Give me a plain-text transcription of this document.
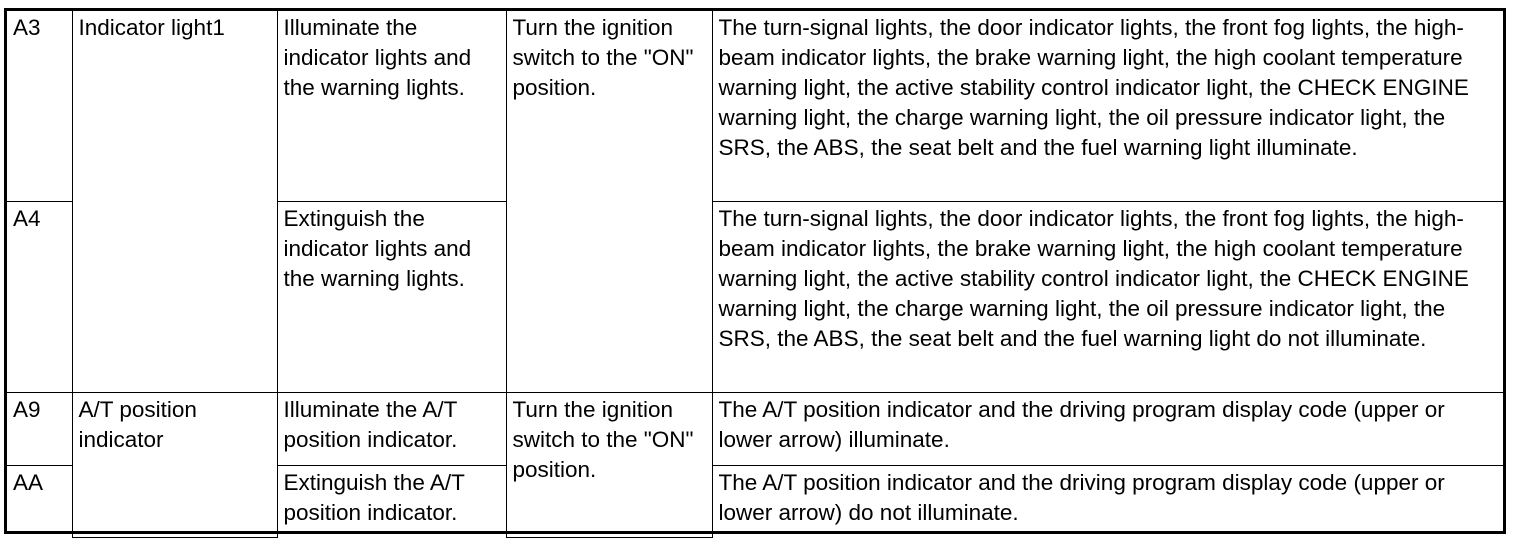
A3	Indicator light1	Illuminate the indicator lights and the warning lights.	Turn the ignition switch to the "ON" position.	The turn-signal lights, the door indicator lights, the front fog lights, the high-beam indicator lights, the brake warning light, the high coolant temperature warning light, the active stability control indicator light, the CHECK ENGINE warning light, the charge warning light, the oil pressure indicator light, the SRS, the ABS, the seat belt and the fuel warning light illuminate.
A4		Extinguish the indicator lights and the warning lights.		The turn-signal lights, the door indicator lights, the front fog lights, the high-beam indicator lights, the brake warning light, the high coolant temperature warning light, the active stability control indicator light, the CHECK ENGINE warning light, the charge warning light, the oil pressure indicator light, the SRS, the ABS, the seat belt and the fuel warning light do not illuminate.
A9	A/T position indicator	Illuminate the A/T position indicator.	Turn the ignition switch to the "ON" position.	The A/T position indicator and the driving program display code (upper or lower arrow) illuminate.
AA		Extinguish the A/T position indicator.		The A/T position indicator and the driving program display code (upper or lower arrow) do not illuminate.
